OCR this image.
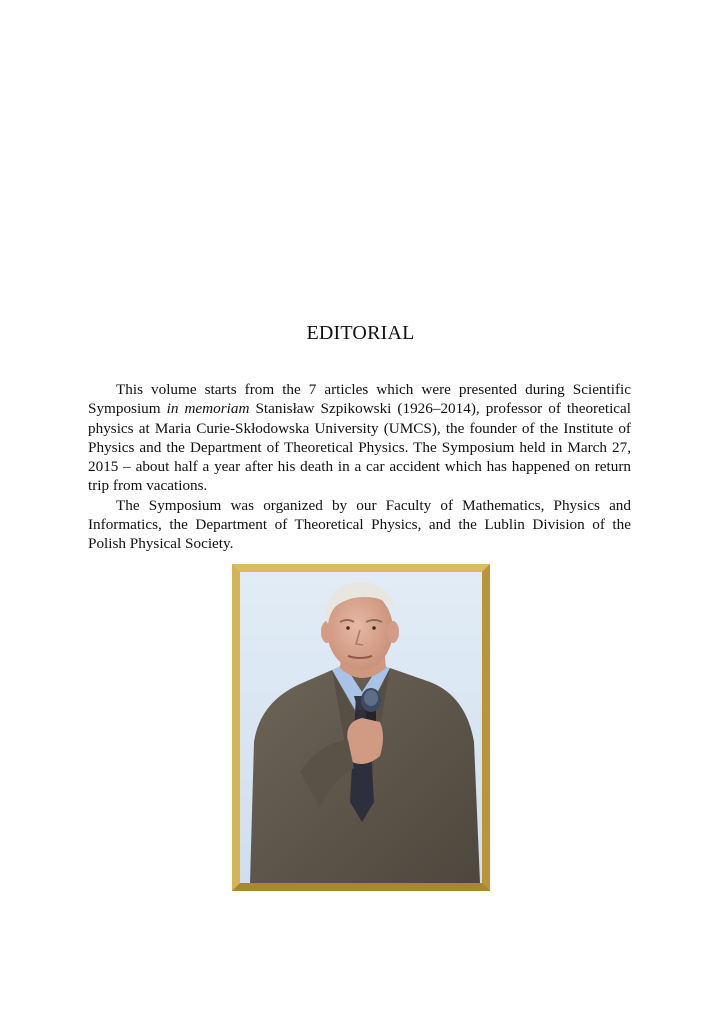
EDITORIAL

This volume starts from the 7 articles which were presented during Scientific Symposium in memoriam Stanisław Szpikowski (1926–2014), professor of theoretical physics at Maria Curie-Skłodowska University (UMCS), the founder of the Institute of Physics and the Department of Theoretical Physics. The Symposium held in March 27, 2015 – about half a year after his death in a car accident which has happened on return trip from vacations.

The Symposium was organized by our Faculty of Mathematics, Physics and Informatics, the Department of Theoretical Physics, and the Lublin Division of the Polish Physical Society.
